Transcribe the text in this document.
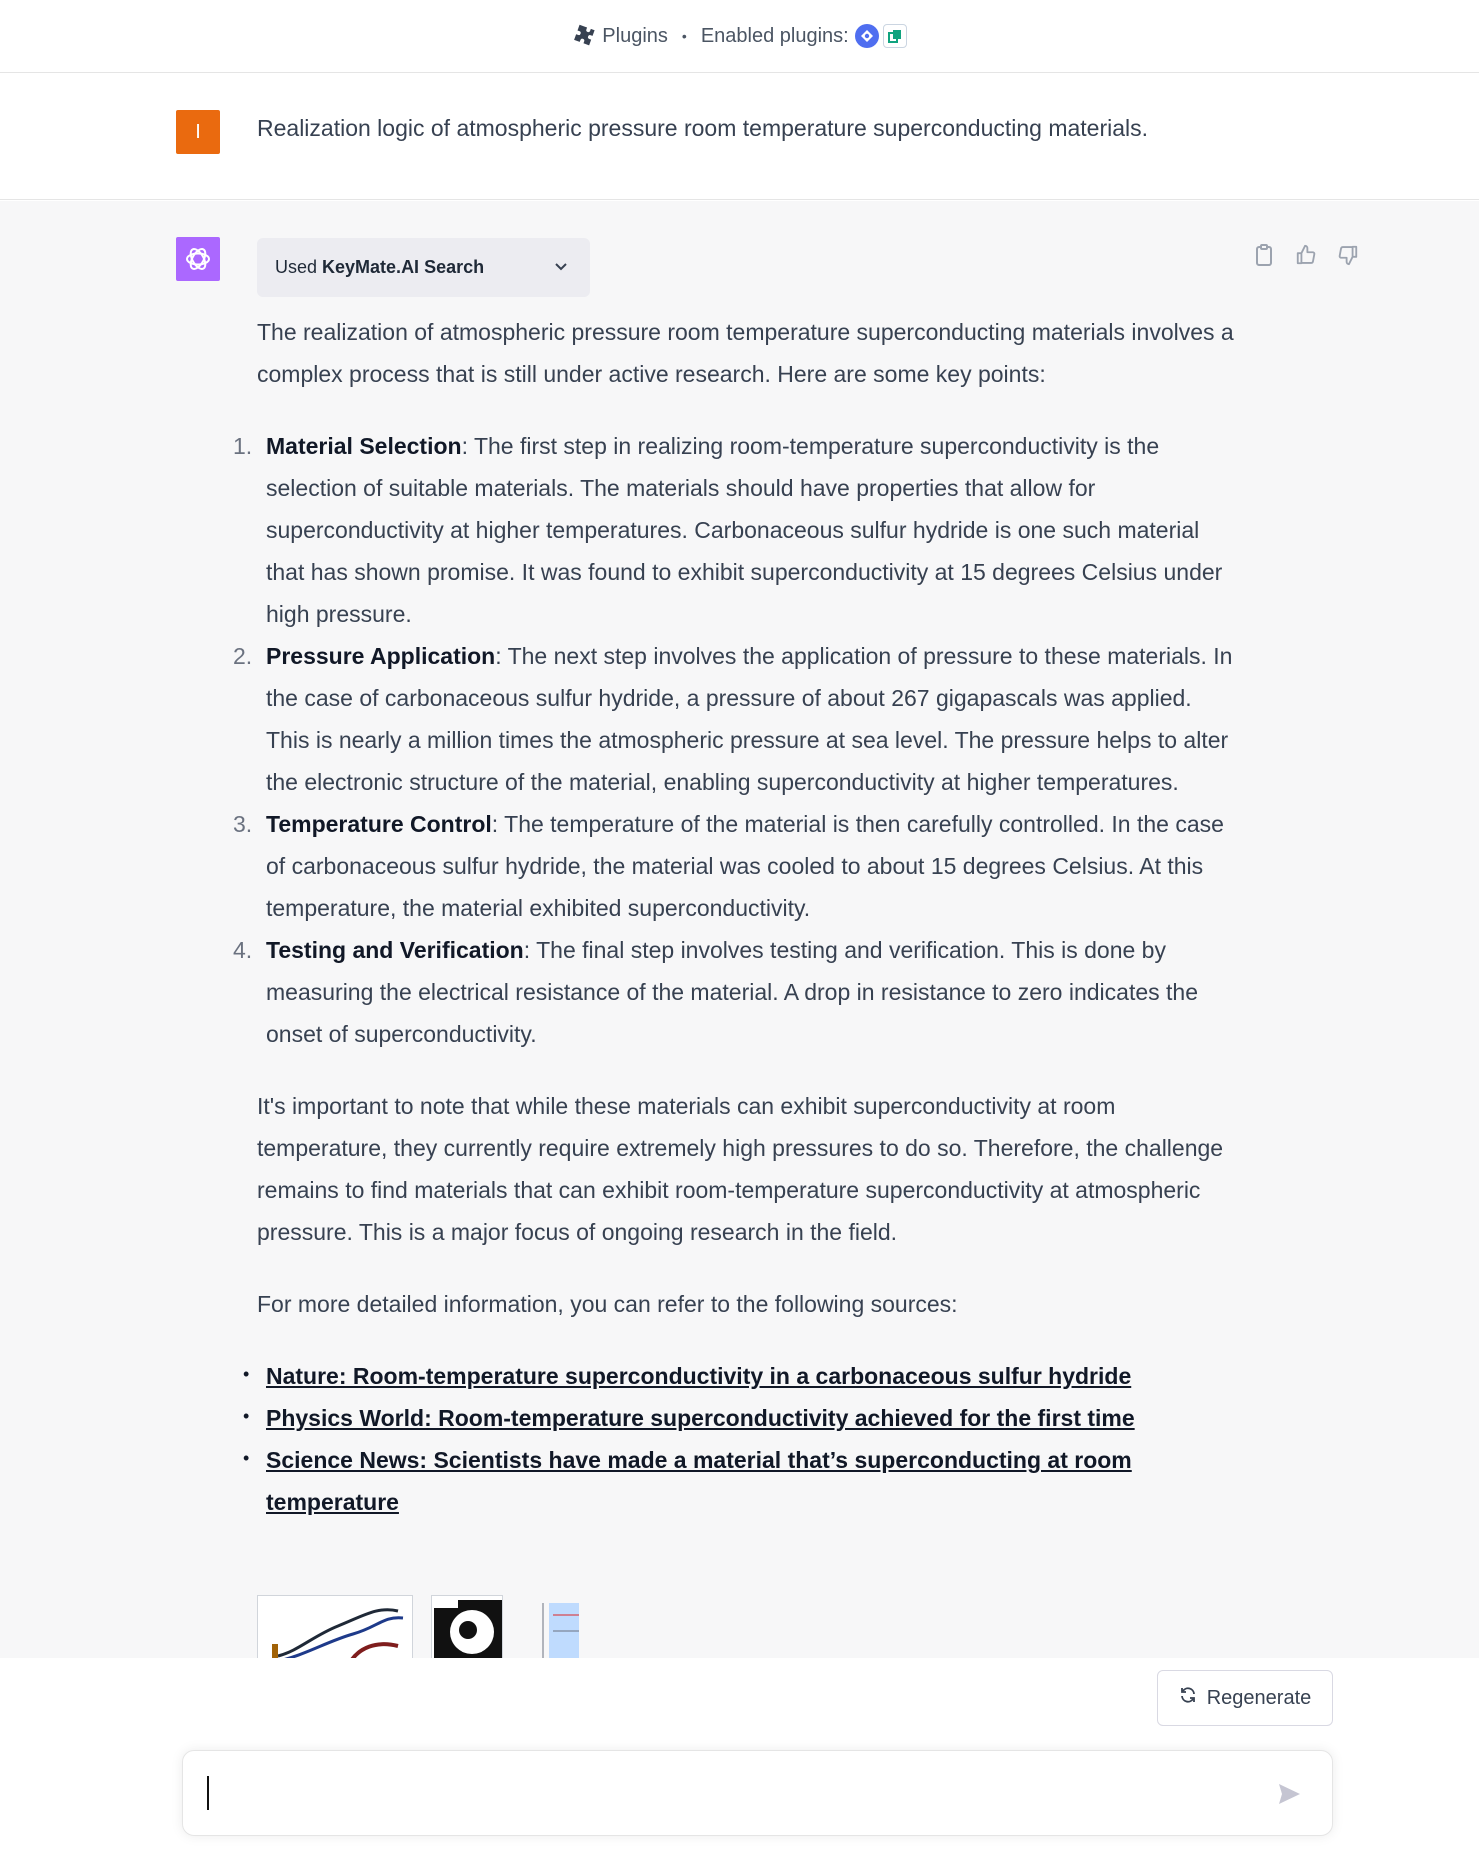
Plugins • Enabled plugins:
I	Realization logic of atmospheric pressure room temperature superconducting materials.
Used KeyMate.AI Search

The realization of atmospheric pressure room temperature superconducting materials involves a complex process that is still under active research. Here are some key points:

1. Material Selection: The first step in realizing room-temperature superconductivity is the selection of suitable materials. The materials should have properties that allow for superconductivity at higher temperatures. Carbonaceous sulfur hydride is one such material that has shown promise. It was found to exhibit superconductivity at 15 degrees Celsius under high pressure.
2. Pressure Application: The next step involves the application of pressure to these materials. In the case of carbonaceous sulfur hydride, a pressure of about 267 gigapascals was applied. This is nearly a million times the atmospheric pressure at sea level. The pressure helps to alter the electronic structure of the material, enabling superconductivity at higher temperatures.
3. Temperature Control: The temperature of the material is then carefully controlled. In the case of carbonaceous sulfur hydride, the material was cooled to about 15 degrees Celsius. At this temperature, the material exhibited superconductivity.
4. Testing and Verification: The final step involves testing and verification. This is done by measuring the electrical resistance of the material. A drop in resistance to zero indicates the onset of superconductivity.

It's important to note that while these materials can exhibit superconductivity at room temperature, they currently require extremely high pressures to do so. Therefore, the challenge remains to find materials that can exhibit room-temperature superconductivity at atmospheric pressure. This is a major focus of ongoing research in the field.

For more detailed information, you can refer to the following sources:

• Nature: Room-temperature superconductivity in a carbonaceous sulfur hydride
• Physics World: Room-temperature superconductivity achieved for the first time
• Science News: Scientists have made a material that’s superconducting at room temperature
Regenerate
